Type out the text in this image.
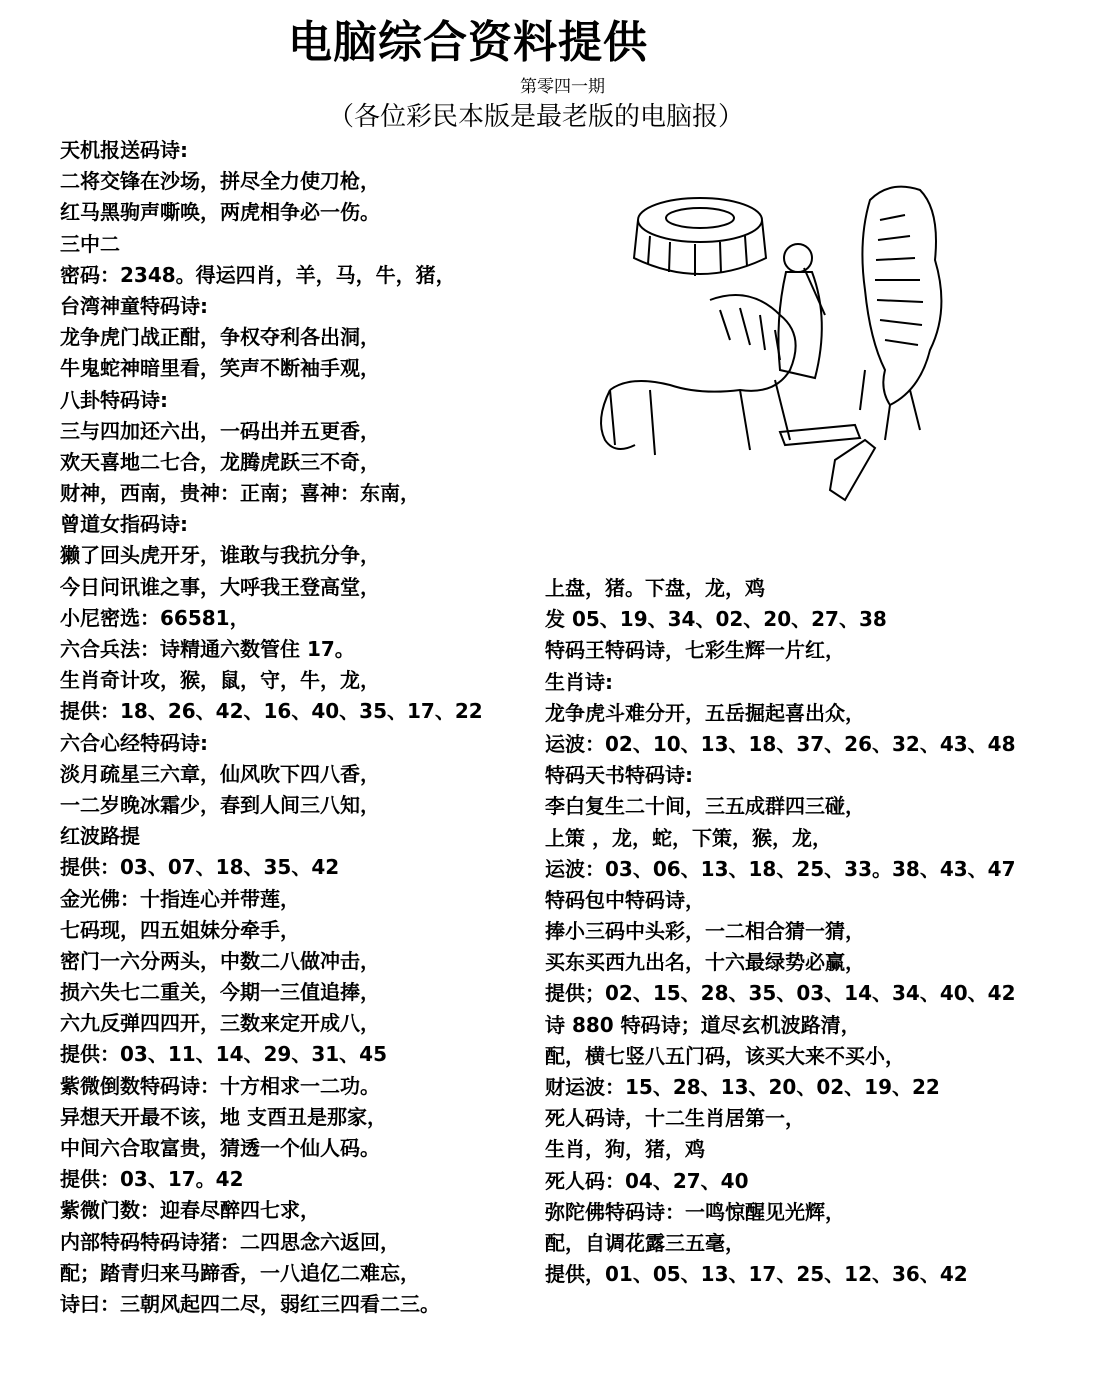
电脑综合资料提供
第零四一期
（各位彩民本版是最老版的电脑报）
天机报送码诗:
二将交锋在沙场，拼尽全力使刀枪，
红马黑驹声嘶唤，两虎相争必一伤。
三中二
密码：2348。得运四肖，羊，马，牛，猪，
台湾神童特码诗:
龙争虎门战正酣，争权夺利各出洞，
牛鬼蛇神暗里看，笑声不断袖手观，
八卦特码诗:
三与四加还六出，一码出并五更香，
欢天喜地二七合，龙腾虎跃三不奇，
财神，西南，贵神：正南；喜神：东南，
曾道女指码诗:
獭了回头虎开牙，谁敢与我抗分争，
今日问讯谁之事，大呼我王登高堂，
小尼密选：66581，
六合兵法：诗精通六数管住 17。
生肖奇计攻，猴，鼠，守，牛，龙，
提供：18、26、42、16、40、35、17、22
六合心经特码诗:
淡月疏星三六章，仙风吹下四八香，
一二岁晚冰霜少，春到人间三八知，
红波路提
提供：03、07、18、35、42
金光佛：十指连心并带莲，
七码现，四五姐妹分牵手，
密门一六分两头，中数二八做冲击，
损六失七二重关，今期一三值追捧，
六九反弹四四开，三数来定开成八，
提供：03、11、14、29、31、45
紫微倒数特码诗：十方相求一二功。
异想天开最不该，地 支酉丑是那家，
中间六合取富贵，猜透一个仙人码。
提供：03、17。42
紫微门数：迎春尽醉四七求，
内部特码特码诗猪：二四思念六返回，
配；踏青归来马蹄香，一八追亿二难忘，
诗曰：三朝风起四二尽，弱红三四看二三。
上盘，猪。下盘，龙，鸡
发 05、19、34、02、20、27、38
特码王特码诗，七彩生辉一片红，
生肖诗:
龙争虎斗难分开，五岳掘起喜出众，
运波：02、10、13、18、37、26、32、43、48
特码天书特码诗:
李白复生二十间，三五成群四三碰，
上策 ，龙，蛇，下策，猴，龙，
运波：03、06、13、18、25、33。38、43、47
特码包中特码诗，
捧小三码中头彩，一二相合猜一猜，
买东买西九出名，十六最绿势必赢，
提供；02、15、28、35、03、14、34、40、42
诗 880 特码诗；道尽玄机波路清，
配，横七竖八五门码，该买大来不买小，
财运波：15、28、13、20、02、19、22
死人码诗，十二生肖居第一，
生肖，狗，猪，鸡
死人码：04、27、40
弥陀佛特码诗：一鸣惊醒见光辉，
配，自调花露三五毫，
提供，01、05、13、17、25、12、36、42
